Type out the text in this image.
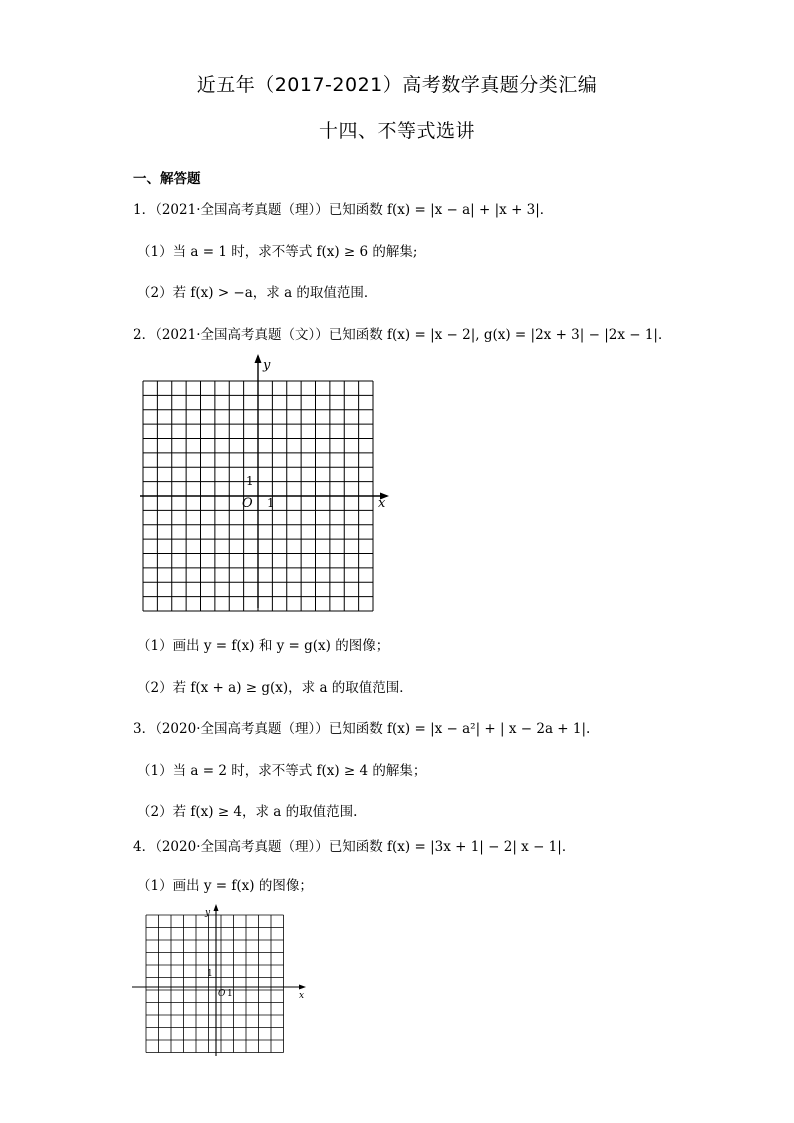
近五年（2017-2021）高考数学真题分类汇编
十四、不等式选讲
一、解答题
1．（2021·全国高考真题（理））已知函数 f(x) = |x − a| + |x + 3|．
（1）当 a = 1 时，求不等式 f(x) ≥ 6 的解集;
（2）若 f(x) > −a，求 a 的取值范围．
2．（2021·全国高考真题（文））已知函数 f(x) = |x − 2|, g(x) = |2x + 3| − |2x − 1|．
y
x
O 1
1
（1）画出 y = f(x) 和 y = g(x) 的图像；
（2）若 f(x + a) ≥ g(x)，求 a 的取值范围．
3．（2020·全国高考真题（理））已知函数 f(x) = |x − a²| + | x − 2a + 1|.
（1）当 a = 2 时，求不等式 f(x) ≥ 4 的解集；
（2）若 f(x) ≥ 4，求 a 的取值范围.
4．（2020·全国高考真题（理））已知函数 f(x) = |3x + 1| − 2| x − 1|．
（1）画出 y = f(x) 的图像；
y
x
O 1
1
